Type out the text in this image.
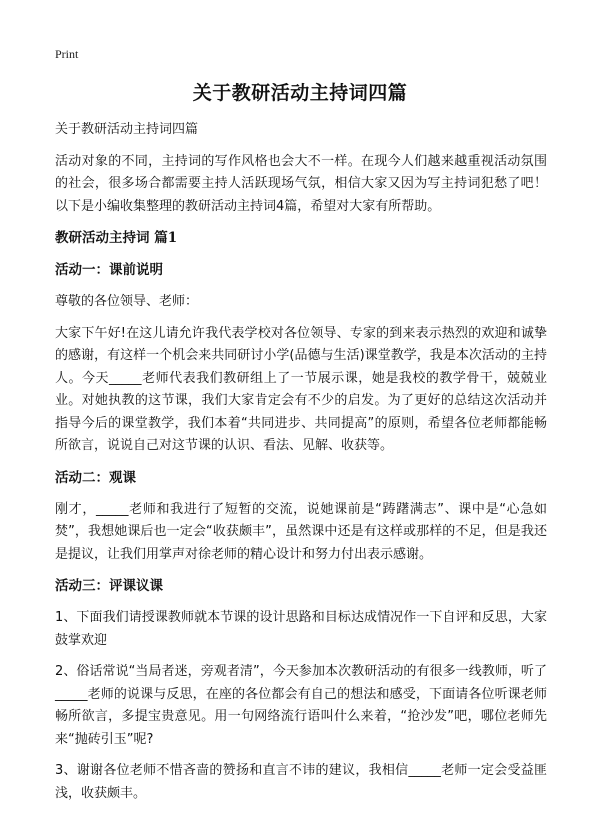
Print
关于教研活动主持词四篇

关于教研活动主持词四篇

活动对象的不同，主持词的写作风格也会大不一样。在现今人们越来越重视活动氛围的社会，很多场合都需要主持人活跃现场气氛，相信大家又因为写主持词犯愁了吧！以下是小编收集整理的教研活动主持词4篇，希望对大家有所帮助。

教研活动主持词 篇1
活动一：课前说明

尊敬的各位领导、老师：

大家下午好!在这儿请允许我代表学校对各位领导、专家的到来表示热烈的欢迎和诚挚的感谢，有这样一个机会来共同研讨小学(品德与生活)课堂教学，我是本次活动的主持人。今天_____老师代表我们教研组上了一节展示课，她是我校的教学骨干，兢兢业业。对她执教的这节课，我们大家肯定会有不少的启发。为了更好的总结这次活动并指导今后的课堂教学，我们本着“共同进步、共同提高”的原则，希望各位老师都能畅所欲言，说说自己对这节课的认识、看法、见解、收获等。

活动二：观课

刚才，_____老师和我进行了短暂的交流，说她课前是“踌躇满志”、课中是“心急如焚”，我想她课后也一定会“收获颇丰”，虽然课中还是有这样或那样的不足，但是我还是提议，让我们用掌声对徐老师的精心设计和努力付出表示感谢。

活动三：评课议课

1、下面我们请授课教师就本节课的设计思路和目标达成情况作一下自评和反思，大家鼓掌欢迎

2、俗话常说“当局者迷，旁观者清”，今天参加本次教研活动的有很多一线教师，听了_____老师的说课与反思，在座的各位都会有自己的想法和感受，下面请各位听课老师畅所欲言，多提宝贵意见。用一句网络流行语叫什么来着，“抢沙发”吧，哪位老师先来“抛砖引玉”呢?

3、谢谢各位老师不惜吝啬的赞扬和直言不讳的建议，我相信_____老师一定会受益匪浅，收获颇丰。
